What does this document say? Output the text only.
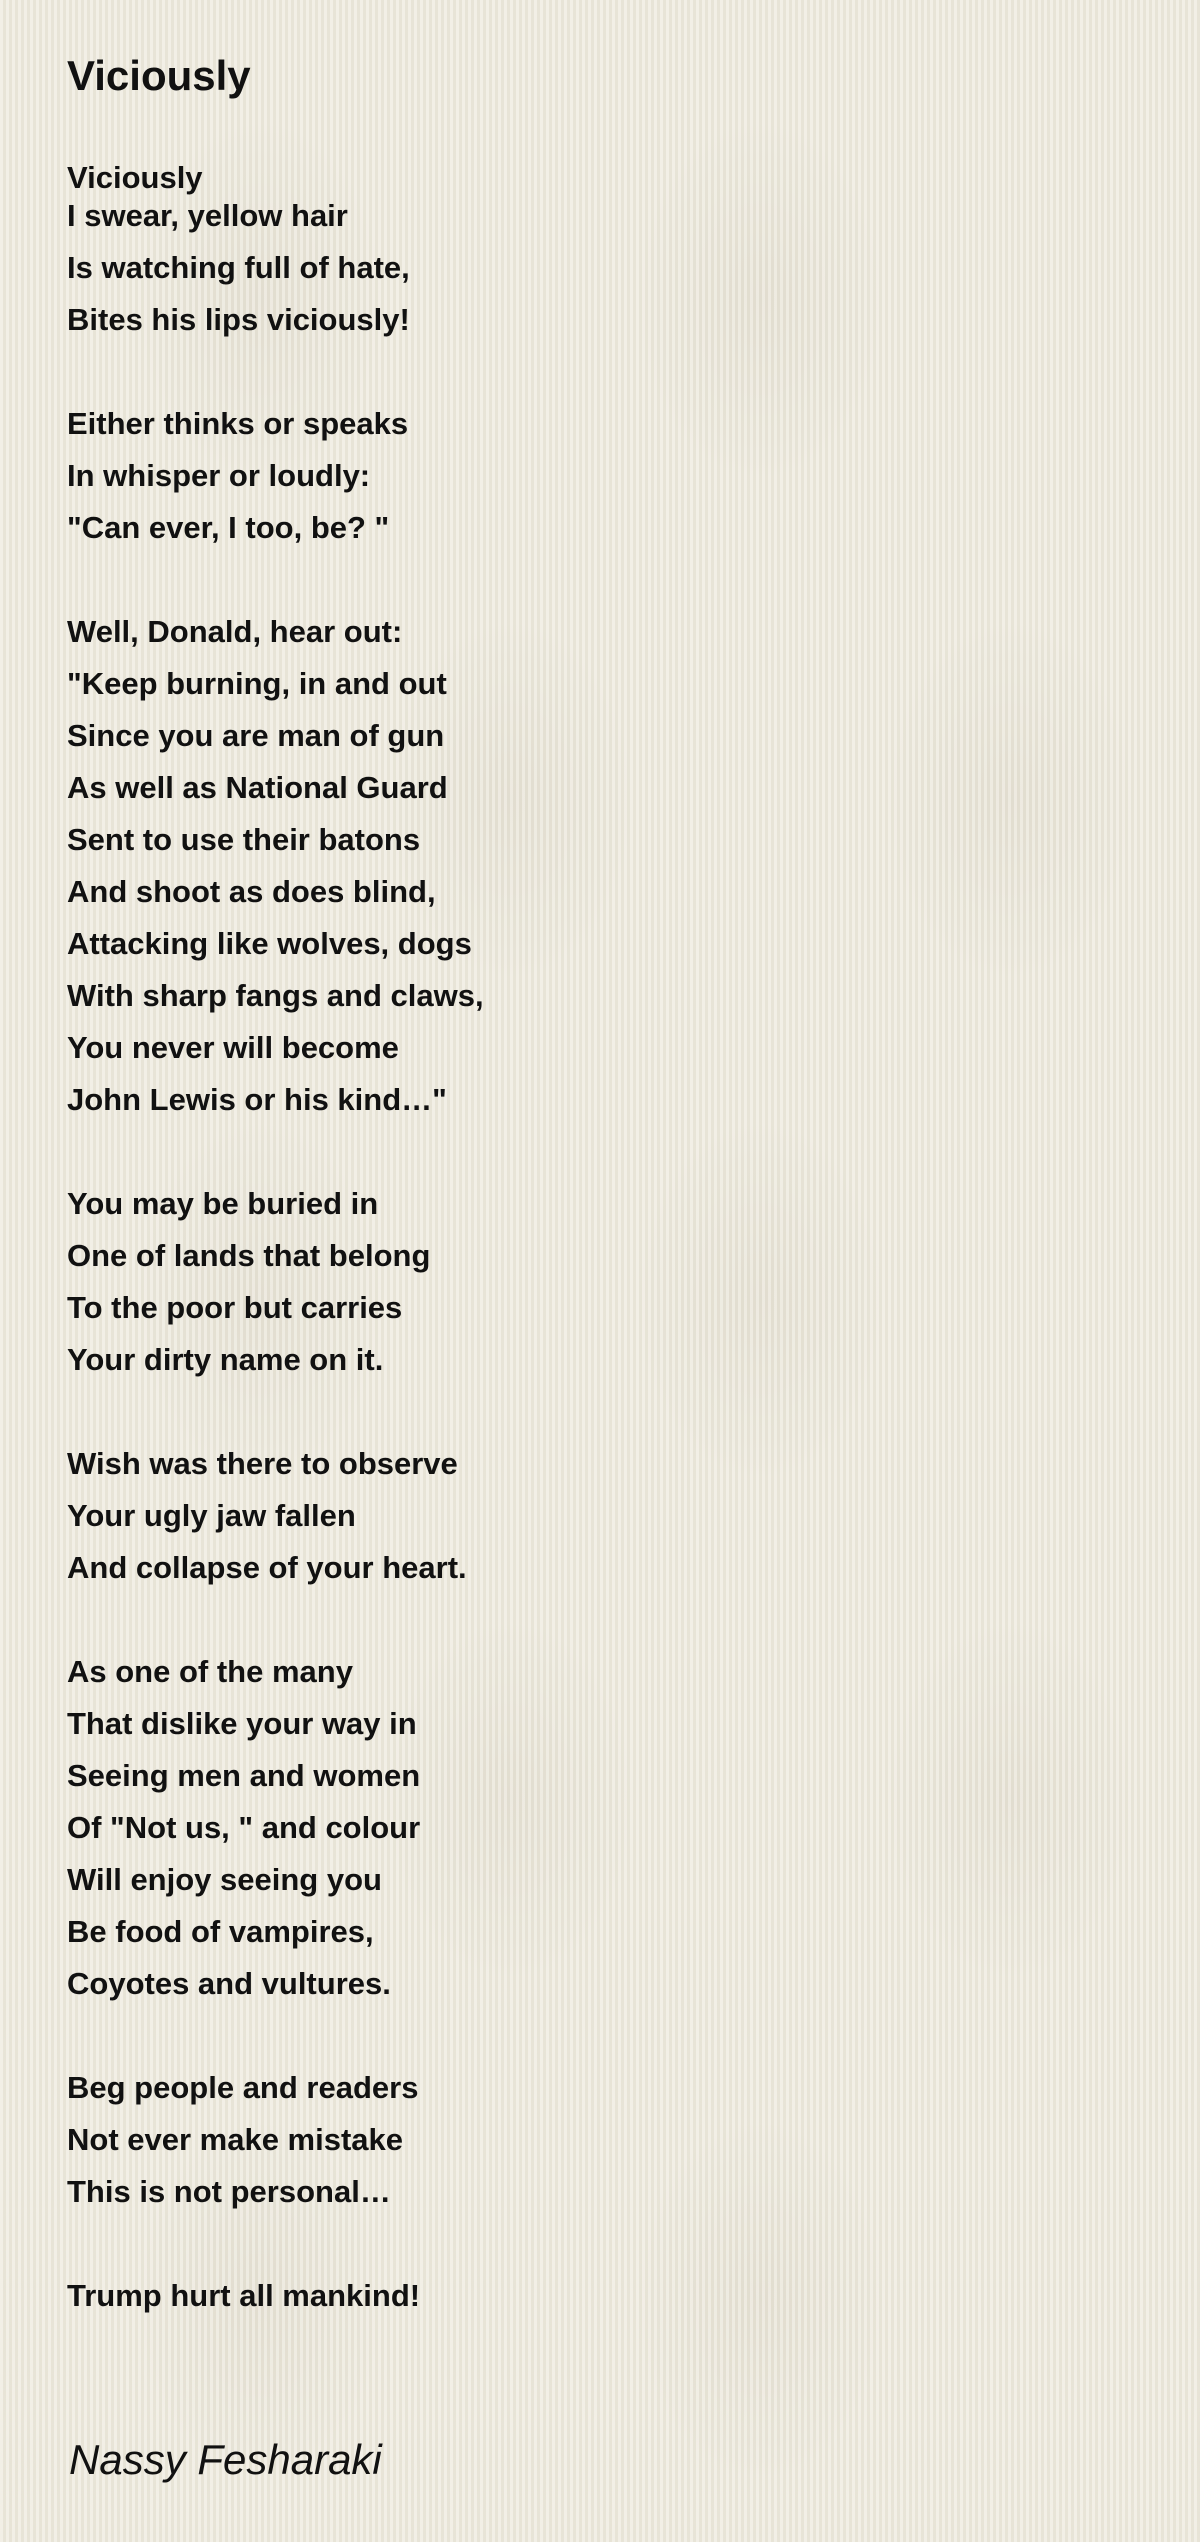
Viciously
Viciously
I swear, yellow hair
Is watching full of hate,
Bites his lips viciously!
Either thinks or speaks
In whisper or loudly:
"Can ever, I too, be? "
Well, Donald, hear out:
"Keep burning, in and out
Since you are man of gun
As well as National Guard
Sent to use their batons
And shoot as does blind,
Attacking like wolves, dogs
With sharp fangs and claws,
You never will become
John Lewis or his kind…"
You may be buried in
One of lands that belong
To the poor but carries
Your dirty name on it.
Wish was there to observe
Your ugly jaw fallen
And collapse of your heart.
As one of the many
That dislike your way in
Seeing men and women
Of "Not us, " and colour
Will enjoy seeing you
Be food of vampires,
Coyotes and vultures.
Beg people and readers
Not ever make mistake
This is not personal…
Trump hurt all mankind!
Nassy Fesharaki
